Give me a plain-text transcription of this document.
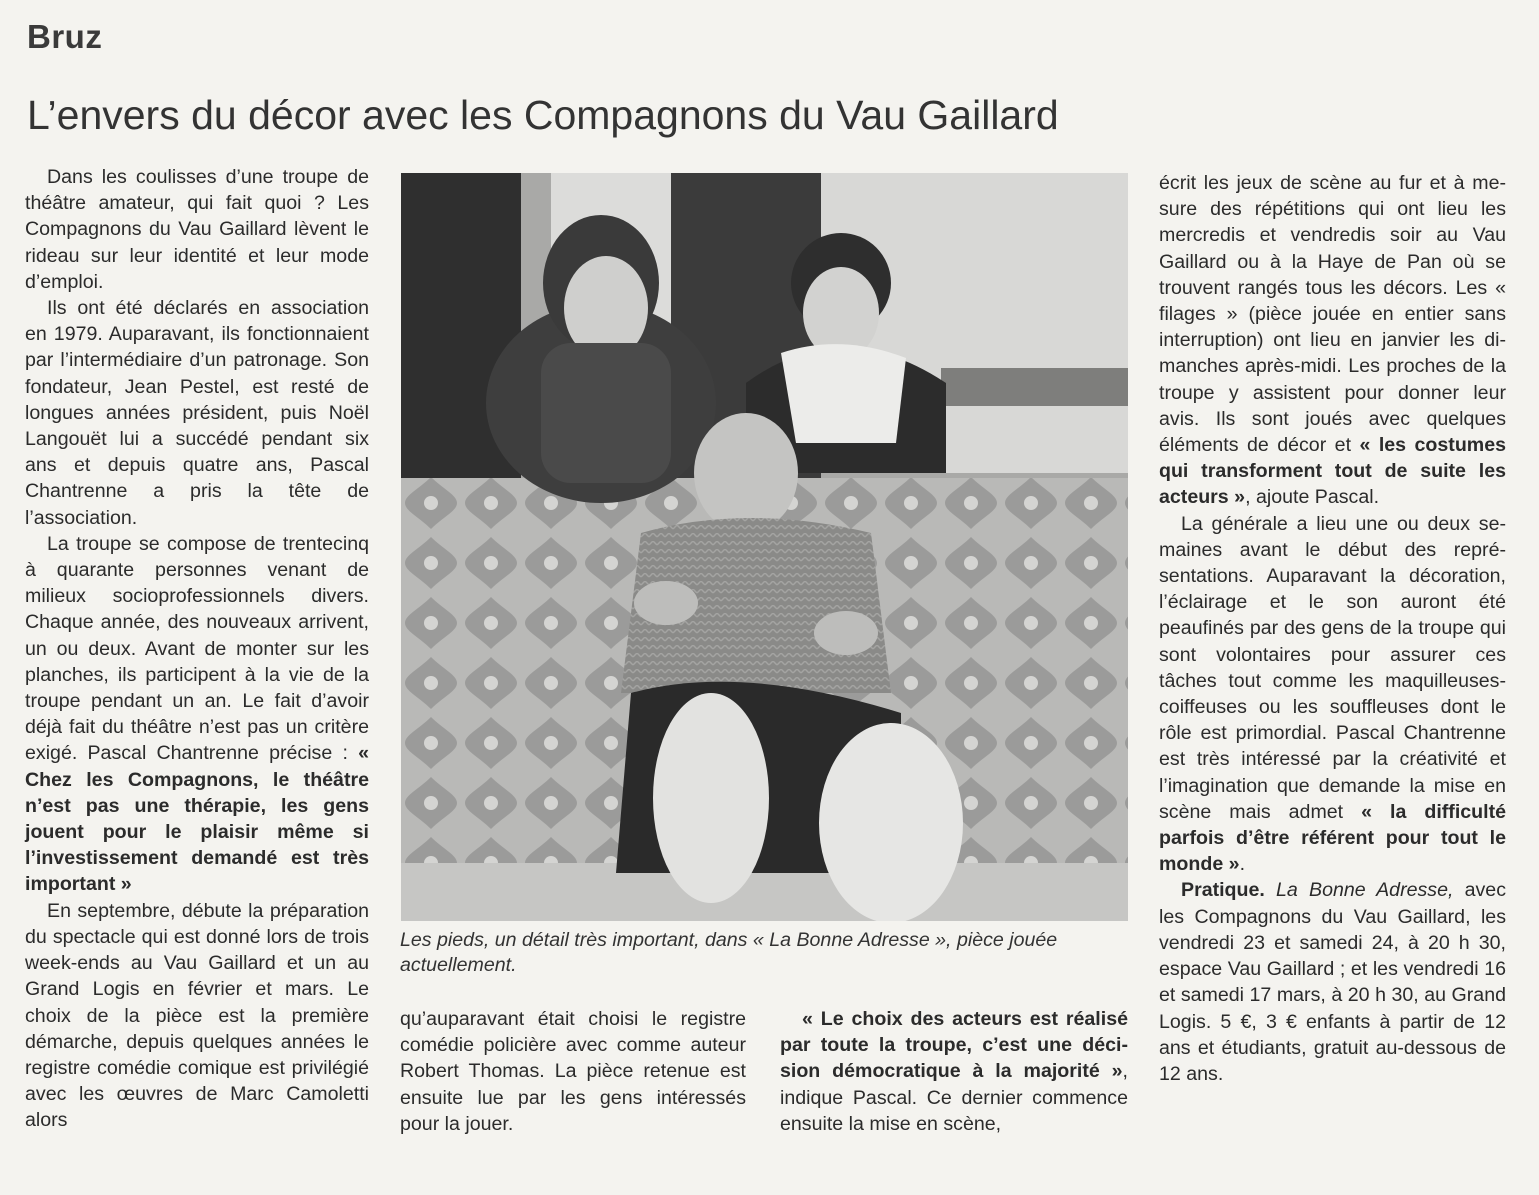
Bruz
L’envers du décor avec les Compagnons du Vau Gaillard

Dans les coulisses d’une troupe de théâtre amateur, qui fait quoi ? Les Compagnons du Vau Gaillard lèvent le rideau sur leur identité et leur mode d’emploi.

Ils ont été déclarés en association en 1979. Auparavant, ils fonctionnaient par l’intermédiaire d’un patronage. Son fondateur, Jean Pestel, est resté de longues années président, puis Noël Langouët lui a succédé pendant six ans et depuis quatre ans, Pascal Chantrenne a pris la tête de l’association.

La troupe se compose de trentecinq à quarante personnes venant de milieux socioprofessionnels divers. Chaque année, des nouveaux arrivent, un ou deux. Avant de monter sur les planches, ils participent à la vie de la troupe pendant un an. Le fait d’avoir déjà fait du théâtre n’est pas un critère exigé. Pascal Chantrenne précise : « Chez les Compagnons, le théâtre n’est pas une thérapie, les gens jouent pour le plaisir même si l’investissement demandé est très important »

En septembre, débute la préparation du spectacle qui est donné lors de trois week-ends au Vau Gaillard et un au Grand Logis en février et mars. Le choix de la pièce est la première démarche, depuis quelques années le registre comédie comique est privilégié avec les œuvres de Marc Camoletti alors

Les pieds, un détail très important, dans « La Bonne Adresse », pièce jouée actuellement.

qu’auparavant était choisi le registre comédie policière avec comme auteur Robert Thomas. La pièce retenue est ensuite lue par les gens intéressés pour la jouer.

« Le choix des acteurs est réalisé par toute la troupe, c’est une décision démocratique à la majorité », indique Pascal. Ce dernier commence ensuite la mise en scène,

écrit les jeux de scène au fur et à mesure des répétitions qui ont lieu les mercredis et vendredis soir au Vau Gaillard ou à la Haye de Pan où se trouvent rangés tous les décors. Les « filages » (pièce jouée en entier sans interruption) ont lieu en janvier les dimanches après-midi. Les proches de la troupe y assistent pour donner leur avis. Ils sont joués avec quelques éléments de décor et « les costumes qui transforment tout de suite les acteurs », ajoute Pascal.

La générale a lieu une ou deux semaines avant le début des représentations. Auparavant la décoration, l’éclairage et le son auront été peaufinés par des gens de la troupe qui sont volontaires pour assurer ces tâches tout comme les maquilleuses-coiffeuses ou les souffleuses dont le rôle est primordial. Pascal Chantrenne est très intéressé par la créativité et l’imagination que demande la mise en scène mais admet « la difficulté parfois d’être référent pour tout le monde ».

Pratique. La Bonne Adresse, avec les Compagnons du Vau Gaillard, les vendredi 23 et samedi 24, à 20 h 30, espace Vau Gaillard ; et les vendredi 16 et samedi 17 mars, à 20 h 30, au Grand Logis. 5 €, 3 € enfants à partir de 12 ans et étudiants, gratuit au-dessous de 12 ans.
